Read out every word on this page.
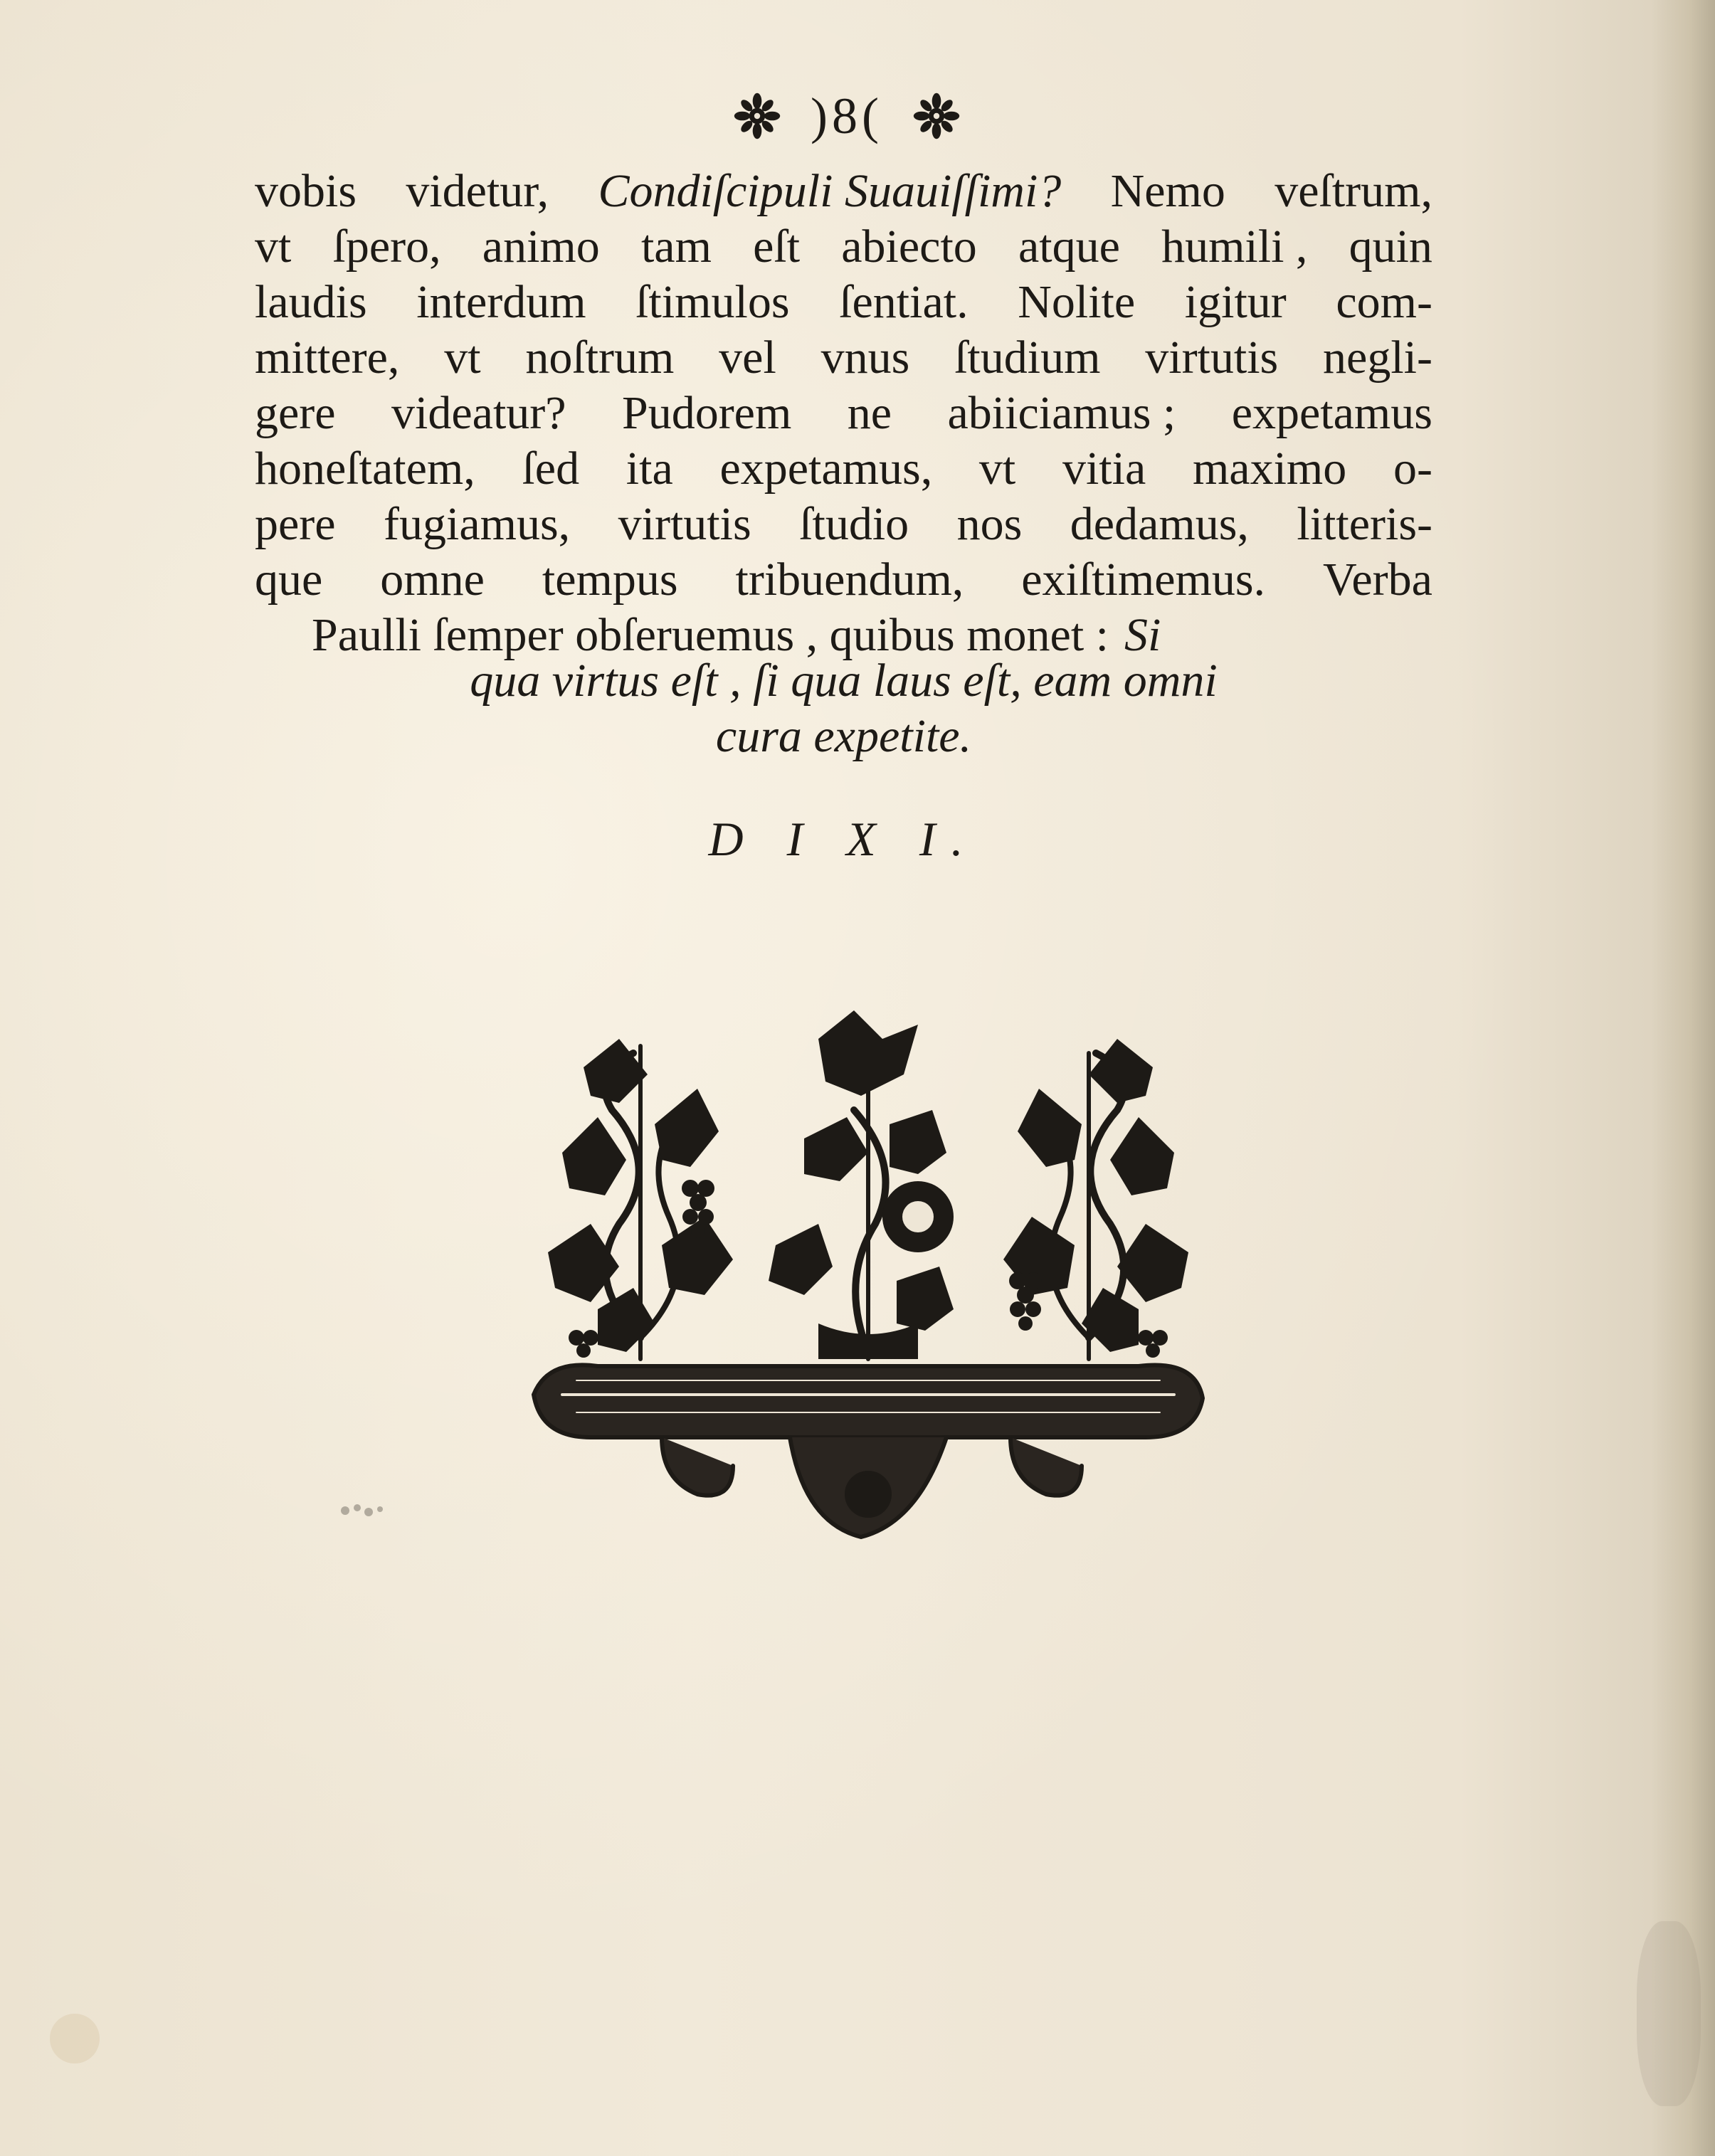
)8(
vobis videtur, Condiſcipuli Suauiſſimi? Nemo veſtrum,
vt ſpero, animo tam eſt abiecto atque humili , quin
laudis interdum ſtimulos ſentiat. Nolite igitur com-
mittere, vt noſtrum vel vnus ſtudium virtutis negli-
gere videatur? Pudorem ne abiiciamus ; expetamus
honeſtatem, ſed ita expetamus, vt vitia maximo o-
pere fugiamus, virtutis ſtudio nos dedamus, litteris-
que omne tempus tribuendum, exiſtimemus. Verba
Paulli ſemper obſeruemus , quibus monet : Si
qua virtus eſt , ſi qua laus eſt, eam omni
cura expetite.
D I X I.
